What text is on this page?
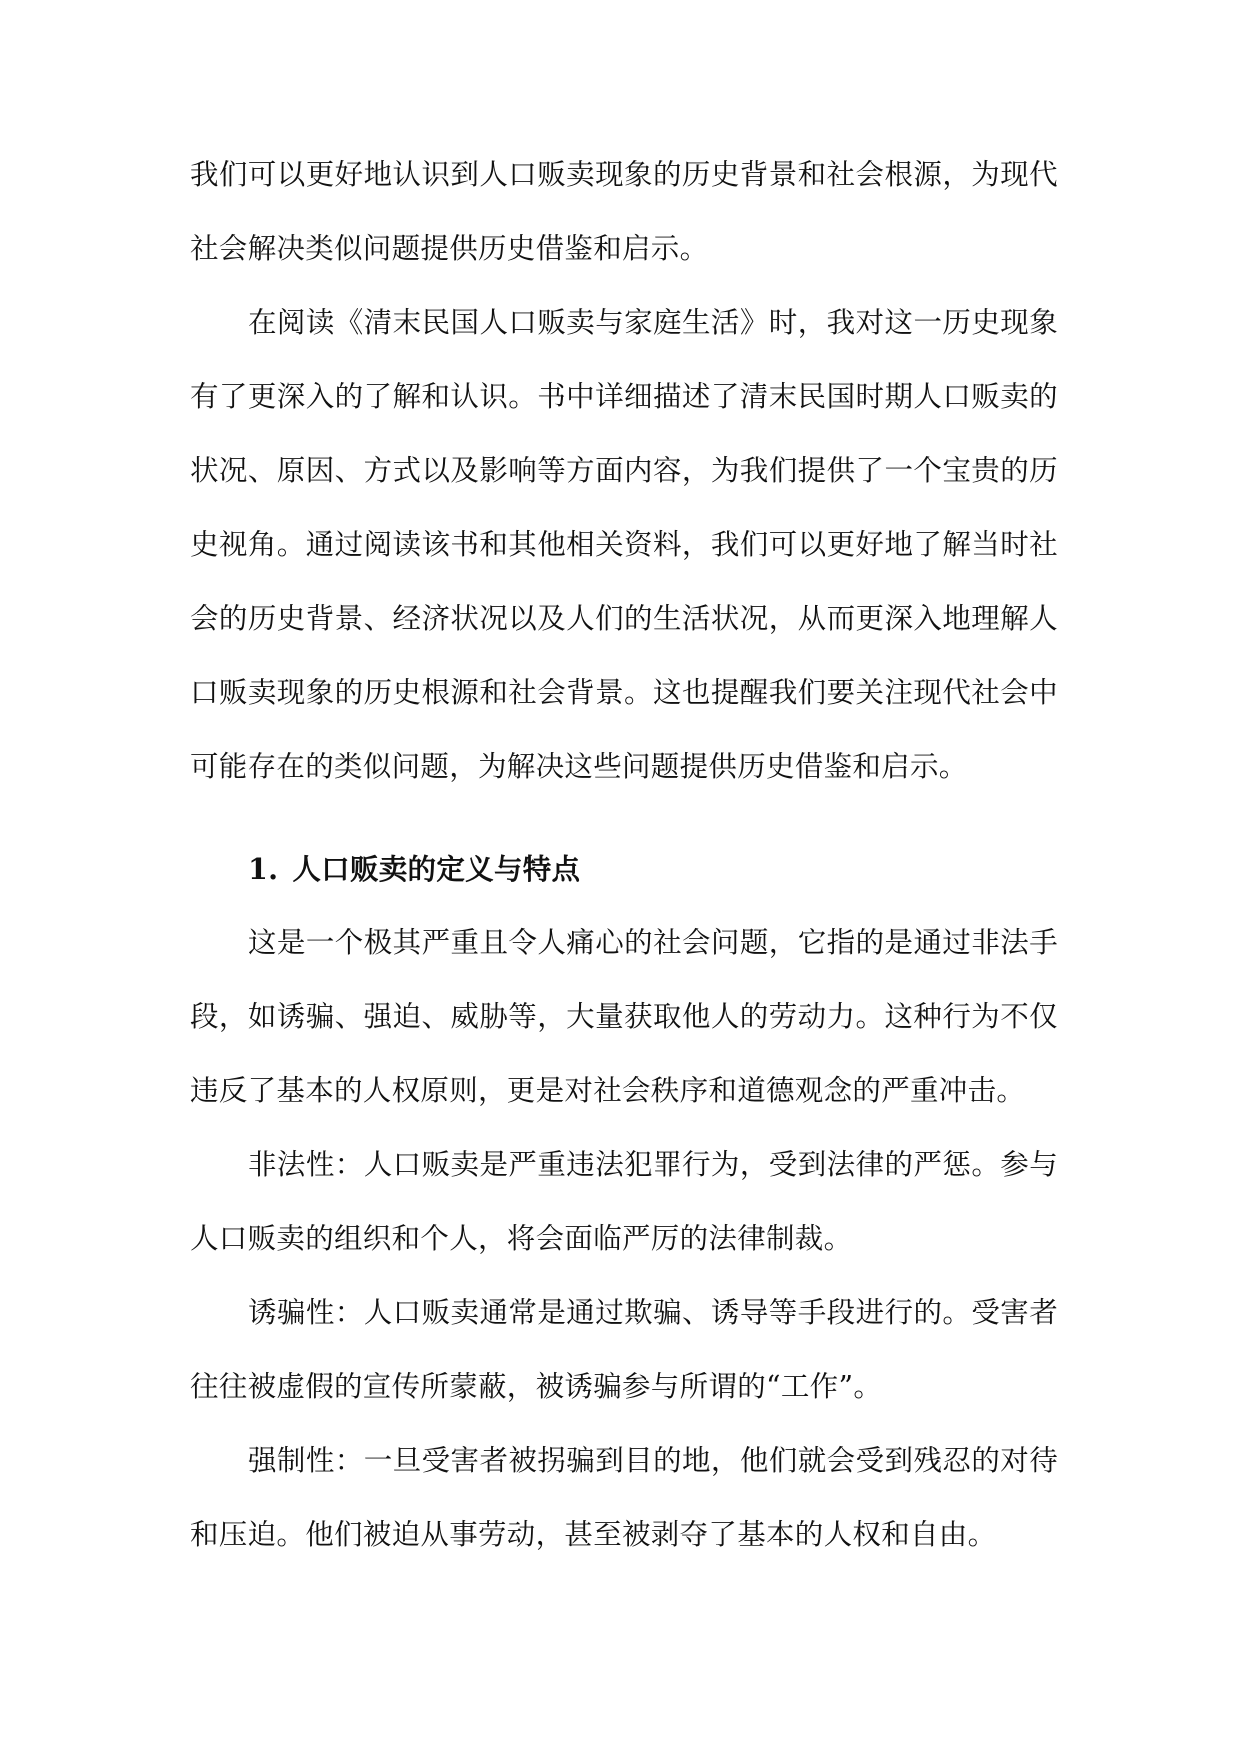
我们可以更好地认识到人口贩卖现象的历史背景和社会根源，为现代社会解决类似问题提供历史借鉴和启示。

在阅读《清末民国人口贩卖与家庭生活》时，我对这一历史现象有了更深入的了解和认识。书中详细描述了清末民国时期人口贩卖的状况、原因、方式以及影响等方面内容，为我们提供了一个宝贵的历史视角。通过阅读该书和其他相关资料，我们可以更好地了解当时社会的历史背景、经济状况以及人们的生活状况，从而更深入地理解人口贩卖现象的历史根源和社会背景。这也提醒我们要关注现代社会中可能存在的类似问题，为解决这些问题提供历史借鉴和启示。

1. 人口贩卖的定义与特点

这是一个极其严重且令人痛心的社会问题，它指的是通过非法手段，如诱骗、强迫、威胁等，大量获取他人的劳动力。这种行为不仅违反了基本的人权原则，更是对社会秩序和道德观念的严重冲击。

非法性：人口贩卖是严重违法犯罪行为，受到法律的严惩。参与人口贩卖的组织和个人，将会面临严厉的法律制裁。

诱骗性：人口贩卖通常是通过欺骗、诱导等手段进行的。受害者往往被虚假的宣传所蒙蔽，被诱骗参与所谓的“工作”。

强制性：一旦受害者被拐骗到目的地，他们就会受到残忍的对待和压迫。他们被迫从事劳动，甚至被剥夺了基本的人权和自由。
